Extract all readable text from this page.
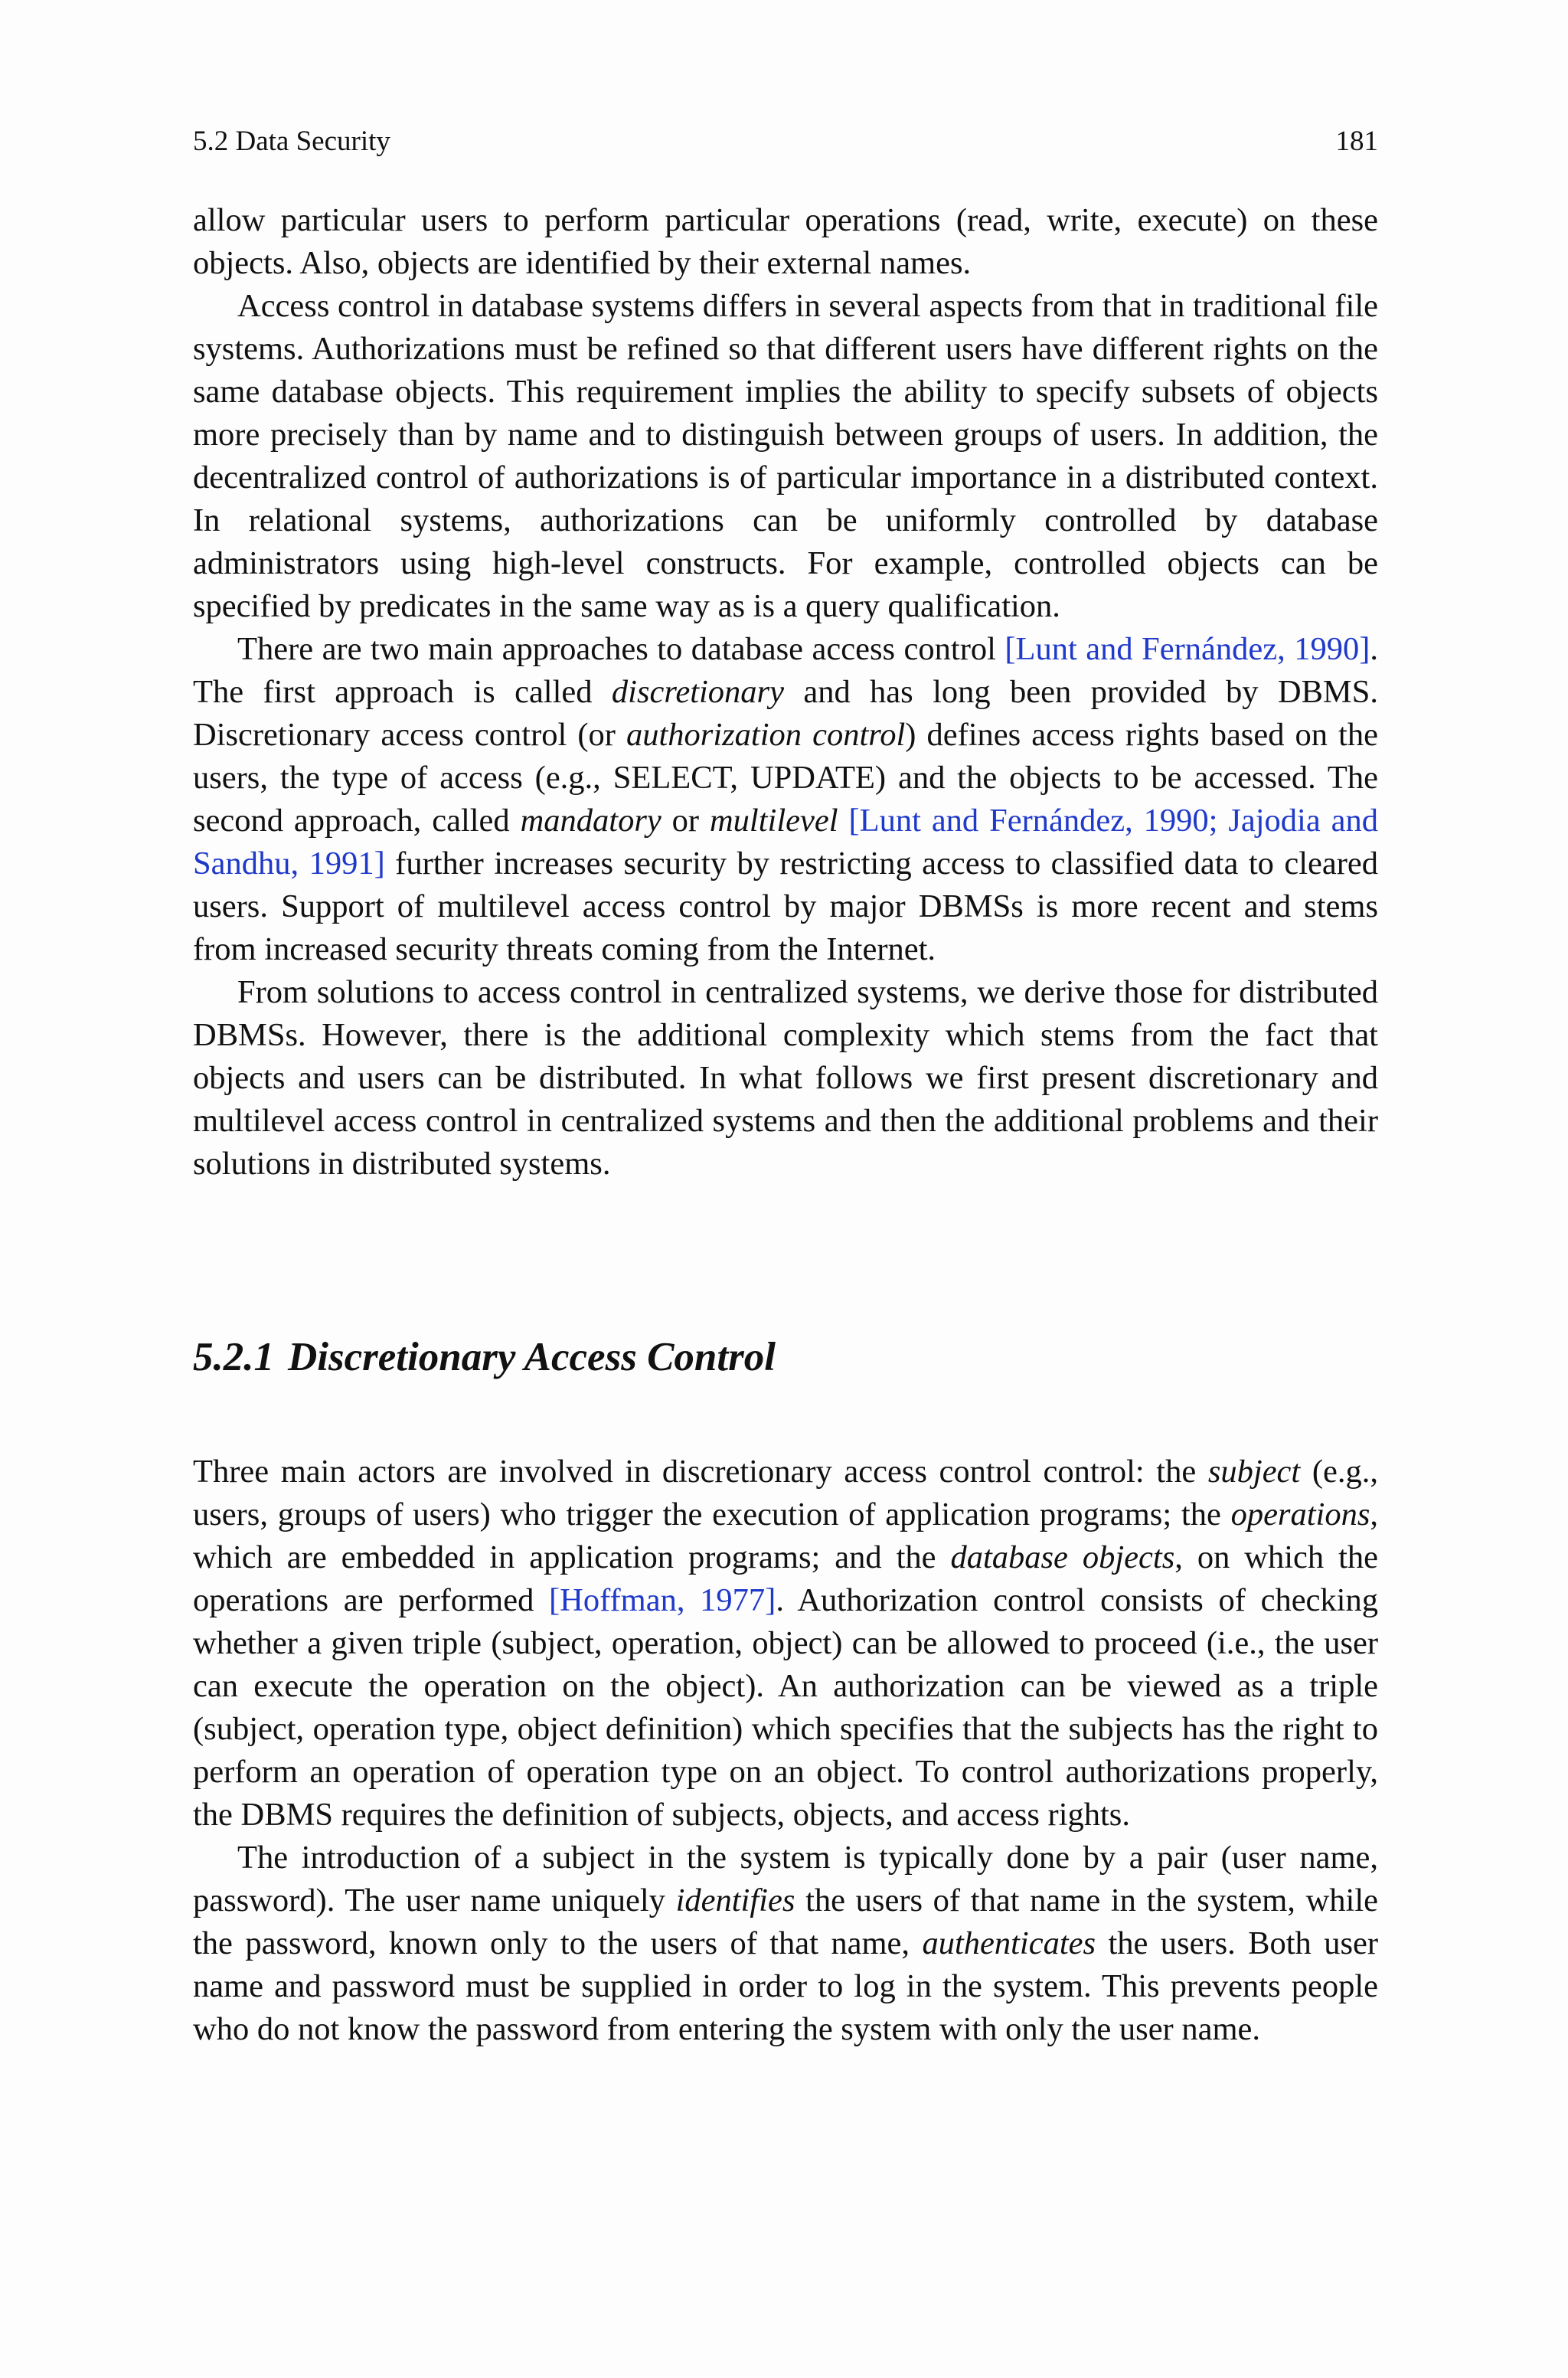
5.2 Data Security	181

allow particular users to perform particular operations (read, write, execute) on these objects. Also, objects are identified by their external names.

Access control in database systems differs in several aspects from that in traditional file systems. Authorizations must be refined so that different users have different rights on the same database objects. This requirement implies the ability to specify subsets of objects more precisely than by name and to distinguish between groups of users. In addition, the decentralized control of authorizations is of particular importance in a distributed context. In relational systems, authorizations can be uniformly controlled by database administrators using high-level constructs. For example, controlled objects can be specified by predicates in the same way as is a query qualification.

There are two main approaches to database access control [Lunt and Fernández, 1990]. The first approach is called discretionary and has long been provided by DBMS. Discretionary access control (or authorization control) defines access rights based on the users, the type of access (e.g., SELECT, UPDATE) and the objects to be accessed. The second approach, called mandatory or multilevel [Lunt and Fernández, 1990; Jajodia and Sandhu, 1991] further increases security by restricting access to classified data to cleared users. Support of multilevel access control by major DBMSs is more recent and stems from increased security threats coming from the Internet.

From solutions to access control in centralized systems, we derive those for distributed DBMSs. However, there is the additional complexity which stems from the fact that objects and users can be distributed. In what follows we first present discretionary and multilevel access control in centralized systems and then the additional problems and their solutions in distributed systems.

5.2.1 Discretionary Access Control

Three main actors are involved in discretionary access control control: the subject (e.g., users, groups of users) who trigger the execution of application programs; the operations, which are embedded in application programs; and the database objects, on which the operations are performed [Hoffman, 1977]. Authorization control consists of checking whether a given triple (subject, operation, object) can be allowed to proceed (i.e., the user can execute the operation on the object). An authorization can be viewed as a triple (subject, operation type, object definition) which specifies that the subjects has the right to perform an operation of operation type on an object. To control authorizations properly, the DBMS requires the definition of subjects, objects, and access rights.

The introduction of a subject in the system is typically done by a pair (user name, password). The user name uniquely identifies the users of that name in the system, while the password, known only to the users of that name, authenticates the users. Both user name and password must be supplied in order to log in the system. This prevents people who do not know the password from entering the system with only the user name.
